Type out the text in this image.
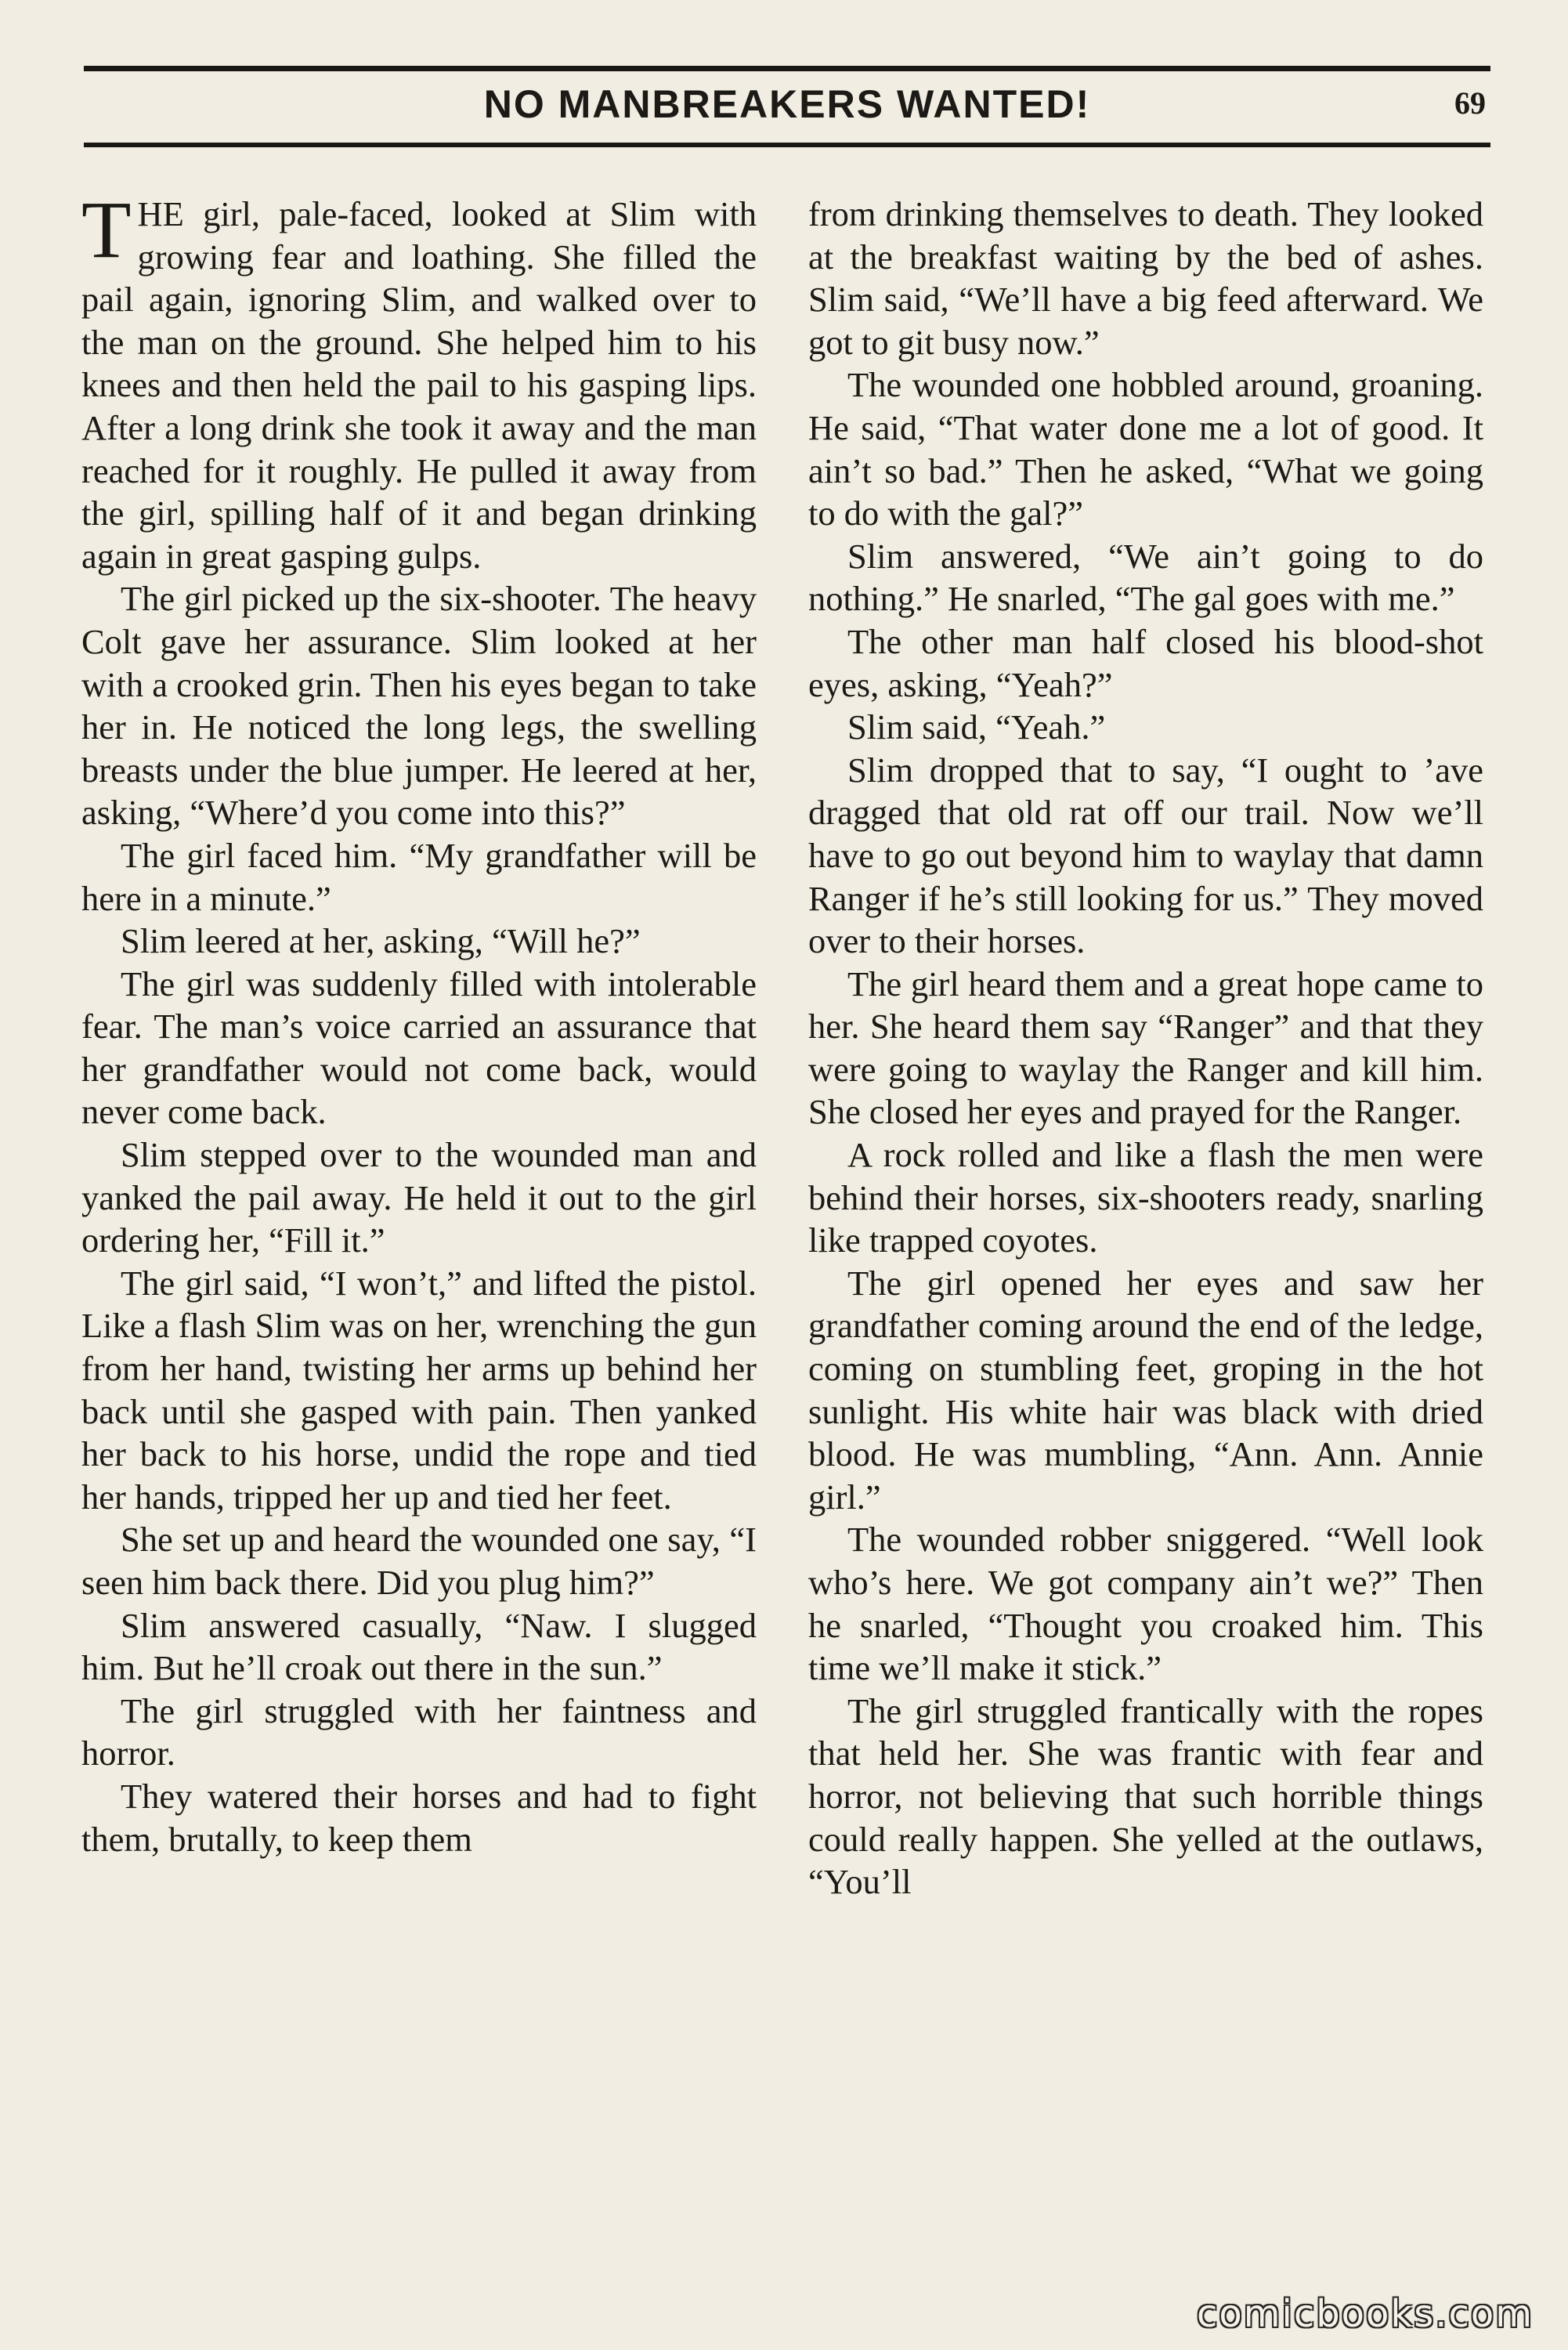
NO MANBREAKERS WANTED!	69

THE girl, pale-faced, looked at Slim with growing fear and loathing. She filled the pail again, ignoring Slim, and walked over to the man on the ground. She helped him to his knees and then held the pail to his gasping lips. After a long drink she took it away and the man reached for it roughly. He pulled it away from the girl, spilling half of it and began drinking again in great gasping gulps.

The girl picked up the six-shooter. The heavy Colt gave her assurance. Slim looked at her with a crooked grin. Then his eyes began to take her in. He noticed the long legs, the swelling breasts under the blue jumper. He leered at her, asking, “Where’d you come into this?”

The girl faced him. “My grandfather will be here in a minute.”

Slim leered at her, asking, “Will he?”

The girl was suddenly filled with intolerable fear. The man’s voice carried an assurance that her grandfather would not come back, would never come back.

Slim stepped over to the wounded man and yanked the pail away. He held it out to the girl ordering her, “Fill it.”

The girl said, “I won’t,” and lifted the pistol. Like a flash Slim was on her, wrenching the gun from her hand, twisting her arms up behind her back until she gasped with pain. Then yanked her back to his horse, undid the rope and tied her hands, tripped her up and tied her feet.

She set up and heard the wounded one say, “I seen him back there. Did you plug him?”

Slim answered casually, “Naw. I slugged him. But he’ll croak out there in the sun.”

The girl struggled with her faintness and horror.

They watered their horses and had to fight them, brutally, to keep them

from drinking themselves to death. They looked at the breakfast waiting by the bed of ashes. Slim said, “We’ll have a big feed afterward. We got to git busy now.”

The wounded one hobbled around, groaning. He said, “That water done me a lot of good. It ain’t so bad.” Then he asked, “What we going to do with the gal?”

Slim answered, “We ain’t going to do nothing.” He snarled, “The gal goes with me.”

The other man half closed his blood-shot eyes, asking, “Yeah?”

Slim said, “Yeah.”

Slim dropped that to say, “I ought to ’ave dragged that old rat off our trail. Now we’ll have to go out beyond him to waylay that damn Ranger if he’s still looking for us.” They moved over to their horses.

The girl heard them and a great hope came to her. She heard them say “Ranger” and that they were going to waylay the Ranger and kill him. She closed her eyes and prayed for the Ranger.

A rock rolled and like a flash the men were behind their horses, six-shooters ready, snarling like trapped coyotes.

The girl opened her eyes and saw her grandfather coming around the end of the ledge, coming on stumbling feet, groping in the hot sunlight. His white hair was black with dried blood. He was mumbling, “Ann. Ann. Annie girl.”

The wounded robber sniggered. “Well look who’s here. We got company ain’t we?” Then he snarled, “Thought you croaked him. This time we’ll make it stick.”

The girl struggled frantically with the ropes that held her. She was frantic with fear and horror, not believing that such horrible things could really happen. She yelled at the outlaws, “You’ll

comicbooks.com
